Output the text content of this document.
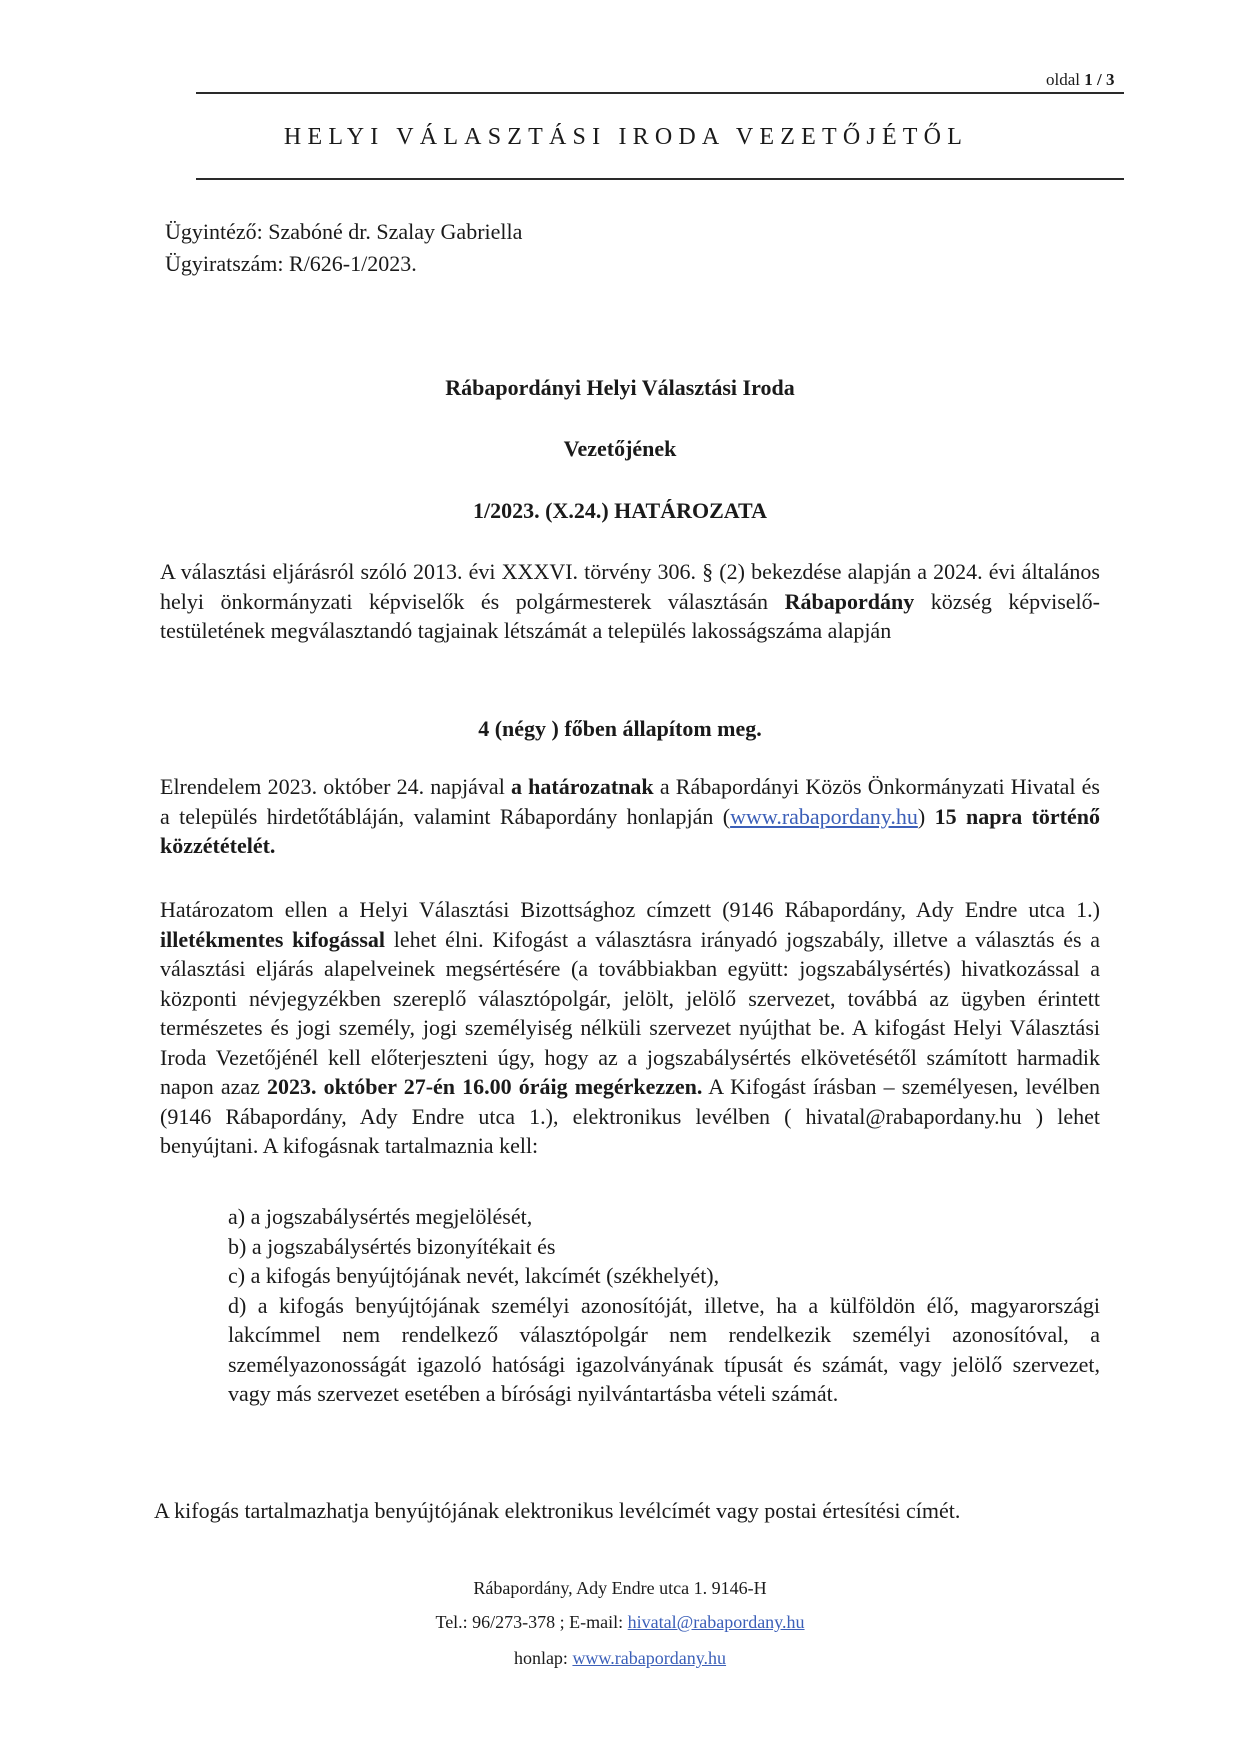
oldal 1 / 3
HELYI VÁLASZTÁSI IRODA VEZETŐJÉTŐL
Ügyintéző: Szabóné dr. Szalay Gabriella
Ügyiratszám: R/626-1/2023.
Rábapordányi Helyi Választási Iroda
Vezetőjének
1/2023. (X.24.) HATÁROZATA
A választási eljárásról szóló 2013. évi XXXVI. törvény 306. § (2) bekezdése alapján a 2024. évi általános helyi önkormányzati képviselők és polgármesterek választásán Rábapordány község képviselő-testületének megválasztandó tagjainak létszámát a település lakosságszáma alapján
4 (négy ) főben állapítom meg.
Elrendelem 2023. október 24. napjával a határozatnak a Rábapordányi Közös Önkormányzati Hivatal és a település hirdetőtábláján, valamint Rábapordány honlapján (www.rabapordany.hu) 15 napra történő közzétételét.
Határozatom ellen a Helyi Választási Bizottsághoz címzett (9146 Rábapordány, Ady Endre utca 1.) illetékmentes kifogással lehet élni. Kifogást a választásra irányadó jogszabály, illetve a választás és a választási eljárás alapelveinek megsértésére (a továbbiakban együtt: jogszabálysértés) hivatkozással a központi névjegyzékben szereplő választópolgár, jelölt, jelölő szervezet, továbbá az ügyben érintett természetes és jogi személy, jogi személyiség nélküli szervezet nyújthat be. A kifogást Helyi Választási Iroda Vezetőjénél kell előterjeszteni úgy, hogy az a jogszabálysértés elkövetésétől számított harmadik napon azaz 2023. október 27-én 16.00 óráig megérkezzen. A Kifogást írásban – személyesen, levélben (9146 Rábapordány, Ady Endre utca 1.), elektronikus levélben ( hivatal@rabapordany.hu ) lehet benyújtani. A kifogásnak tartalmaznia kell:

a) a jogszabálysértés megjelölését,

b) a jogszabálysértés bizonyítékait és

c) a kifogás benyújtójának nevét, lakcímét (székhelyét),

d) a kifogás benyújtójának személyi azonosítóját, illetve, ha a külföldön élő, magyarországi lakcímmel nem rendelkező választópolgár nem rendelkezik személyi azonosítóval, a személyazonosságát igazoló hatósági igazolványának típusát és számát, vagy jelölő szervezet, vagy más szervezet esetében a bírósági nyilvántartásba vételi számát.

A kifogás tartalmazhatja benyújtójának elektronikus levélcímét vagy postai értesítési címét.
Rábapordány, Ady Endre utca 1. 9146-H
Tel.: 96/273-378 ; E-mail: hivatal@rabapordany.hu
honlap: www.rabapordany.hu
